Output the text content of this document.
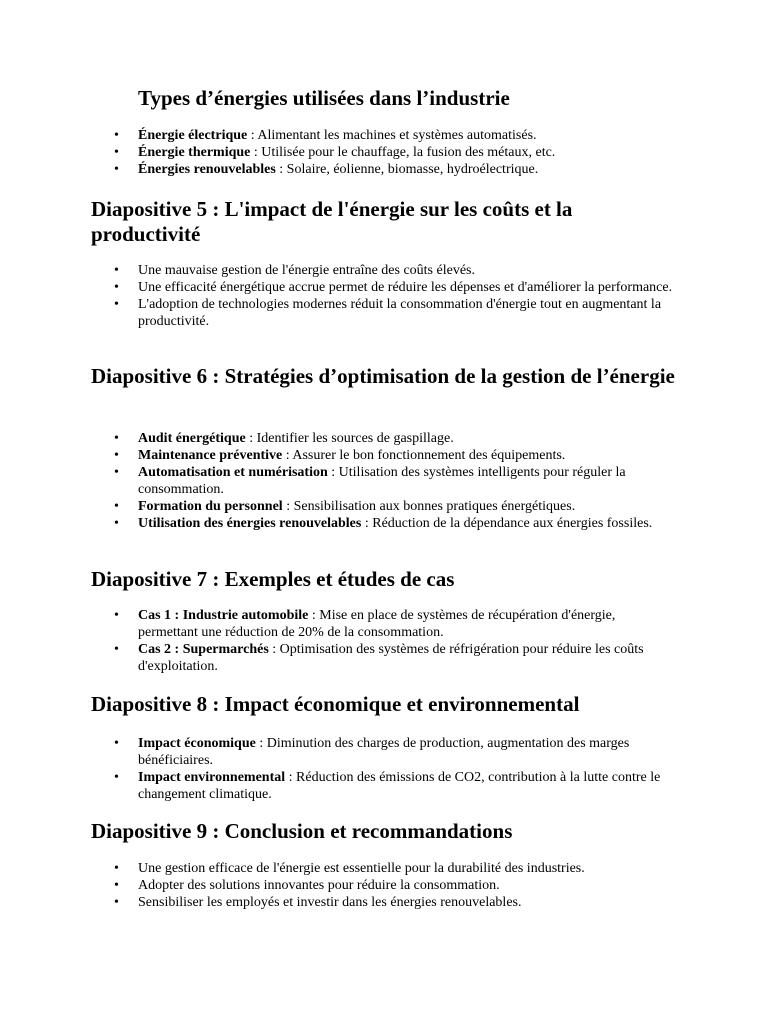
Types d’énergies utilisées dans l’industrie
• Énergie électrique : Alimentant les machines et systèmes automatisés.
• Énergie thermique : Utilisée pour le chauffage, la fusion des métaux, etc.
• Énergies renouvelables : Solaire, éolienne, biomasse, hydroélectrique.
Diapositive 5 : L'impact de l'énergie sur les coûts et la productivité
• Une mauvaise gestion de l'énergie entraîne des coûts élevés.
• Une efficacité énergétique accrue permet de réduire les dépenses et d'améliorer la performance.
• L'adoption de technologies modernes réduit la consommation d'énergie tout en augmentant la productivité.
Diapositive 6 : Stratégies d’optimisation de la gestion de l’énergie
• Audit énergétique : Identifier les sources de gaspillage.
• Maintenance préventive : Assurer le bon fonctionnement des équipements.
• Automatisation et numérisation : Utilisation des systèmes intelligents pour réguler la consommation.
• Formation du personnel : Sensibilisation aux bonnes pratiques énergétiques.
• Utilisation des énergies renouvelables : Réduction de la dépendance aux énergies fossiles.
Diapositive 7 : Exemples et études de cas
• Cas 1 : Industrie automobile : Mise en place de systèmes de récupération d'énergie, permettant une réduction de 20% de la consommation.
• Cas 2 : Supermarchés : Optimisation des systèmes de réfrigération pour réduire les coûts d'exploitation.
Diapositive 8 : Impact économique et environnemental
• Impact économique : Diminution des charges de production, augmentation des marges bénéficiaires.
• Impact environnemental : Réduction des émissions de CO2, contribution à la lutte contre le changement climatique.
Diapositive 9 : Conclusion et recommandations
• Une gestion efficace de l'énergie est essentielle pour la durabilité des industries.
• Adopter des solutions innovantes pour réduire la consommation.
• Sensibiliser les employés et investir dans les énergies renouvelables.
